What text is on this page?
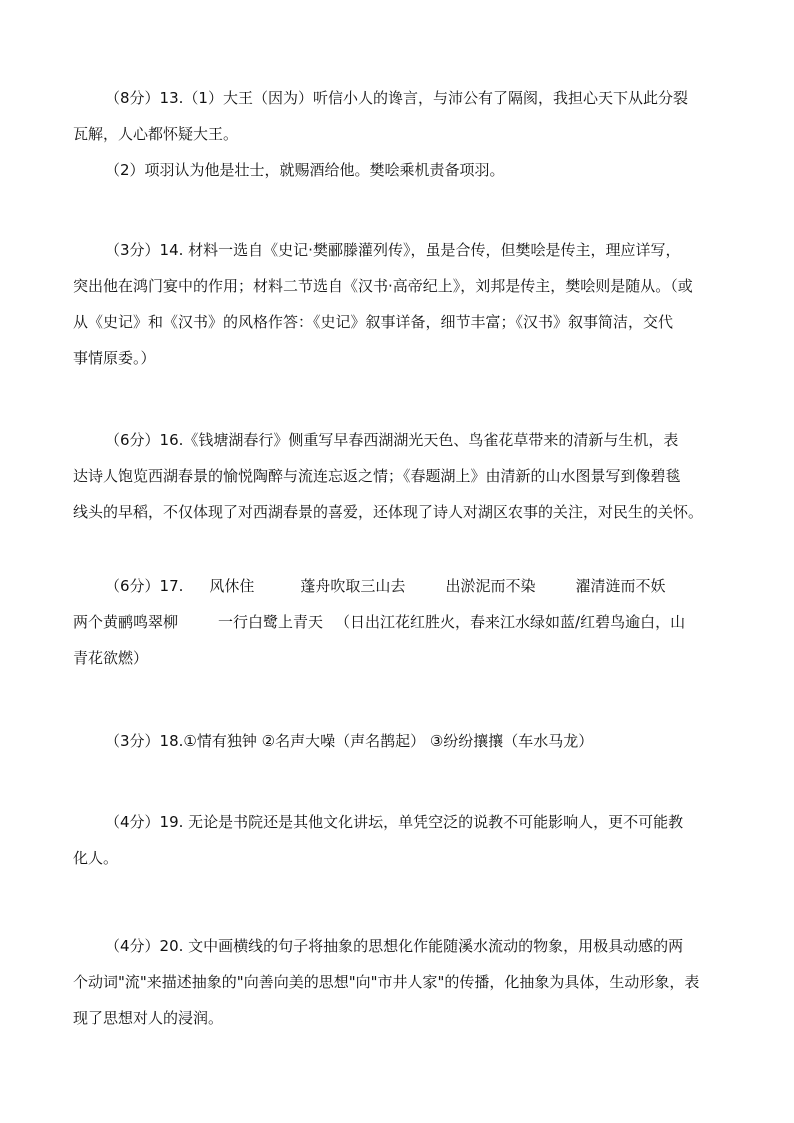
（8分）13.（1）大王（因为）听信小人的谗言，与沛公有了隔阂，我担心天下从此分裂
瓦解，人心都怀疑大王。
（2）项羽认为他是壮士，就赐酒给他。樊哙乘机责备项羽。
（3分）14. 材料一选自《史记·樊郦滕灌列传》，虽是合传，但樊哙是传主，理应详写，
突出他在鸿门宴中的作用；材料二节选自《汉书·高帝纪上》，刘邦是传主，樊哙则是随从。（或
从《史记》和《汉书》的风格作答：《史记》叙事详备，细节丰富；《汉书》叙事简洁，交代
事情原委。）
（6分）16.《钱塘湖春行》侧重写早春西湖湖光天色、鸟雀花草带来的清新与生机，表
达诗人饱览西湖春景的愉悦陶醉与流连忘返之情；《春题湖上》由清新的山水图景写到像碧毯
线头的早稻，不仅体现了对西湖春景的喜爱，还体现了诗人对湖区农事的关注，对民生的关怀。
（6分）17. 风休住	蓬舟吹取三山去	出淤泥而不染	濯清涟而不妖
两个黄鹂鸣翠柳	一行白鹭上青天 （日出江花红胜火，春来江水绿如蓝/红碧鸟逾白，山
青花欲燃）
（3分）18.①情有独钟 ②名声大噪（声名鹊起） ③纷纷攘攘（车水马龙）
（4分）19. 无论是书院还是其他文化讲坛，单凭空泛的说教不可能影响人，更不可能教
化人。
（4分）20. 文中画横线的句子将抽象的思想化作能随溪水流动的物象，用极具动感的两
个动词"流"来描述抽象的"向善向美的思想"向"市井人家"的传播，化抽象为具体，生动形象，表
现了思想对人的浸润。
